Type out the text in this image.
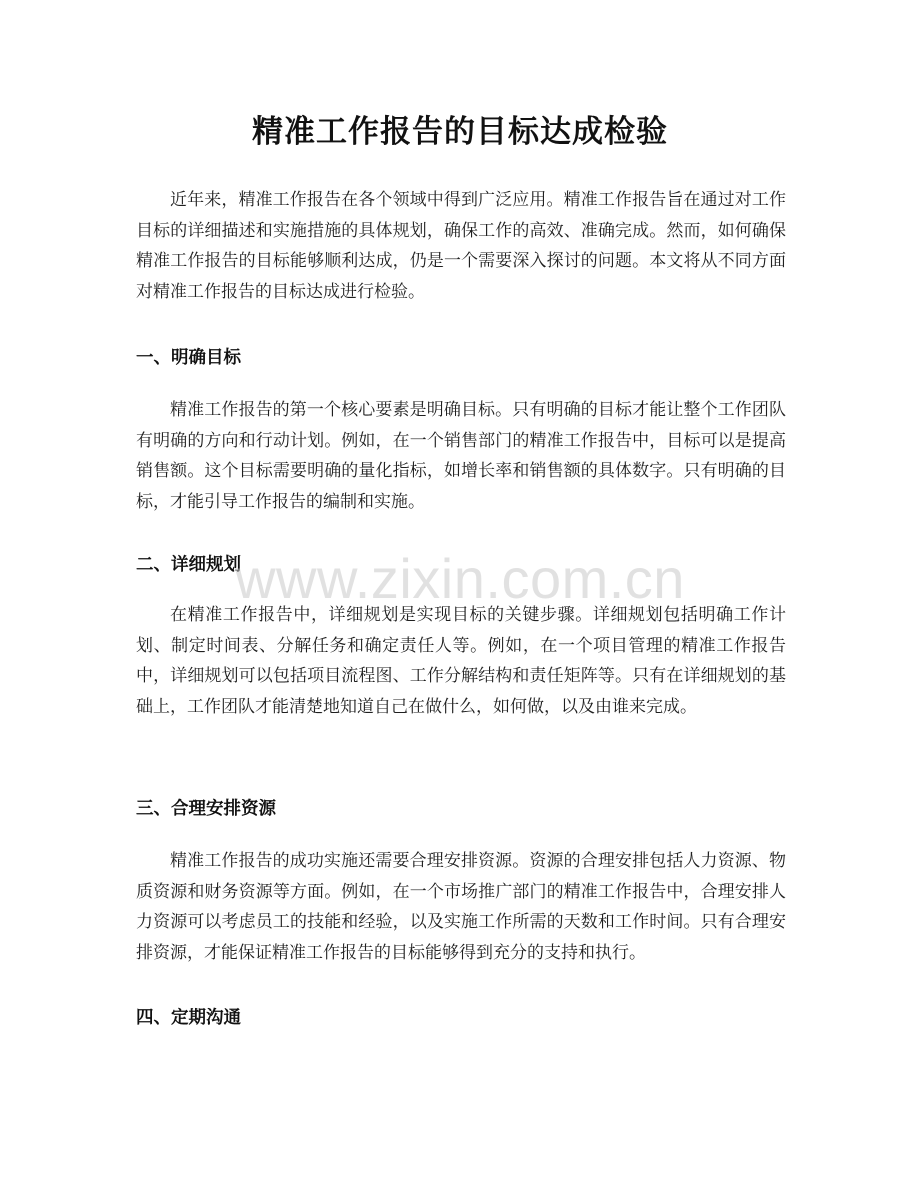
精准工作报告的目标达成检验

近年来，精准工作报告在各个领域中得到广泛应用。精准工作报告旨在通过对工作目标的详细描述和实施措施的具体规划，确保工作的高效、准确完成。然而，如何确保精准工作报告的目标能够顺利达成，仍是一个需要深入探讨的问题。本文将从不同方面对精准工作报告的目标达成进行检验。

一、明确目标

精准工作报告的第一个核心要素是明确目标。只有明确的目标才能让整个工作团队有明确的方向和行动计划。例如，在一个销售部门的精准工作报告中，目标可以是提高销售额。这个目标需要明确的量化指标，如增长率和销售额的具体数字。只有明确的目标，才能引导工作报告的编制和实施。

二、详细规划

在精准工作报告中，详细规划是实现目标的关键步骤。详细规划包括明确工作计划、制定时间表、分解任务和确定责任人等。例如，在一个项目管理的精准工作报告中，详细规划可以包括项目流程图、工作分解结构和责任矩阵等。只有在详细规划的基础上，工作团队才能清楚地知道自己在做什么，如何做，以及由谁来完成。

三、合理安排资源

精准工作报告的成功实施还需要合理安排资源。资源的合理安排包括人力资源、物质资源和财务资源等方面。例如，在一个市场推广部门的精准工作报告中，合理安排人力资源可以考虑员工的技能和经验，以及实施工作所需的天数和工作时间。只有合理安排资源，才能保证精准工作报告的目标能够得到充分的支持和执行。

四、定期沟通
www.zixin.com.cn
